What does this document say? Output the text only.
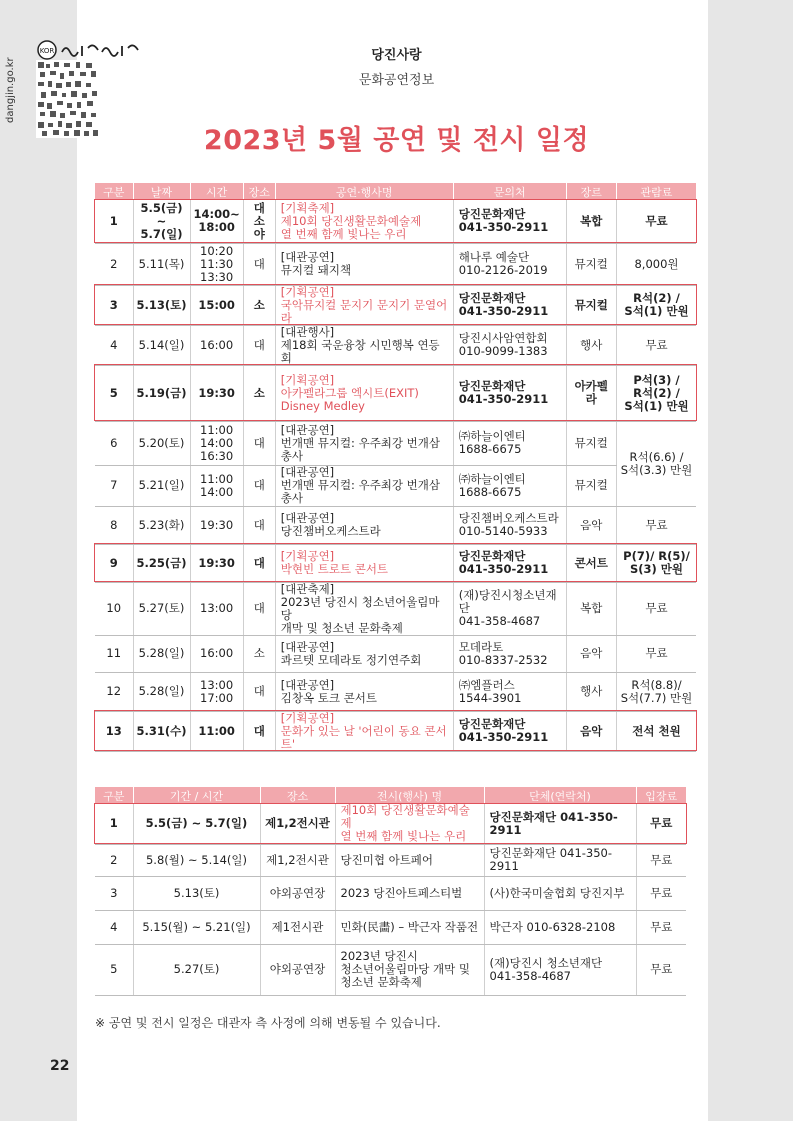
dangjin.go.kr
KOR	당진사랑
문화공연정보
2023년 5월 공연 및 전시 일정
구분	날짜	시간	장소	공연·행사명	문의처	장르	관람료
1	5.5(금)
~
5.7(일)	14:00~
18:00	대
소
야	[기획축제]
제10회 당진생활문화예술제
열 번째 함께 빛나는 우리	당진문화재단
041-350-2911	복합	무료
2	5.11(목)	10:20
11:30
13:30	대	[대관공연]
뮤지컬 돼지책	해나루 예술단
010-2126-2019	뮤지컬	8,000원
3	5.13(토)	15:00	소	[기획공연]
국악뮤지컬 문지기 문지기 문열어라	당진문화재단
041-350-2911	뮤지컬	R석(2) /
S석(1) 만원
4	5.14(일)	16:00	대	[대관행사]
제18회 국운융창 시민행복 연등회	당진시사암연합회
010-9099-1383	행사	무료
5	5.19(금)	19:30	소	[기획공연]
아카펠라그룹 엑시트(EXIT)
Disney Medley	당진문화재단
041-350-2911	아카펠라	P석(3) /
R석(2) /
S석(1) 만원
6	5.20(토)	11:00
14:00
16:30	대	[대관공연]
번개맨 뮤지컬: 우주최강 번개삼총사	㈜하늘이엔티
1688-6675	뮤지컬	R석(6.6) /
S석(3.3) 만원
7	5.21(일)	11:00
14:00	대	[대관공연]
번개맨 뮤지컬: 우주최강 번개삼총사	㈜하늘이엔티
1688-6675	뮤지컬	
8	5.23(화)	19:30	대	[대관공연]
당진챔버오케스트라	당진챔버오케스트라
010-5140-5933	음악	무료
9	5.25(금)	19:30	대	[기획공연]
박현빈 트로트 콘서트	당진문화재단
041-350-2911	콘서트	P(7)/ R(5)/
S(3) 만원
10	5.27(토)	13:00	대	[대관축제]
2023년 당진시 청소년어울림마당
개막 및 청소년 문화축제	(재)당진시청소년재단
041-358-4687	복합	무료
11	5.28(일)	16:00	소	[대관공연]
콰르텟 모데라토 정기연주회	모데라토
010-8337-2532	음악	무료
12	5.28(일)	13:00
17:00	대	[대관공연]
김창옥 토크 콘서트	㈜엠플러스
1544-3901	행사	R석(8.8)/
S석(7.7) 만원
13	5.31(수)	11:00	대	[기획공연]
문화가 있는 날 '어린이 동요 콘서트'	당진문화재단
041-350-2911	음악	전석 천원
구분	기간 / 시간	장소	전시(행사) 명	단체(연락처)	입장료
1	5.5(금) ~ 5.7(일)	제1,2전시관	제10회 당진생활문화예술제
열 번째 함께 빛나는 우리	당진문화재단 041-350-2911	무료
2	5.8(월) ~ 5.14(일)	제1,2전시관	당진미협 아트페어	당진문화재단 041-350-2911	무료
3	5.13(토)	야외공연장	2023 당진아트페스티벌	(사)한국미술협회 당진지부	무료
4	5.15(월) ~ 5.21(일)	제1전시관	민화(民畵) – 박근자 작품전	박근자 010-6328-2108	무료
5	5.27(토)	야외공연장	2023년 당진시
청소년어울림마당 개막 및
청소년 문화축제	(재)당진시 청소년재단
041-358-4687	무료
※ 공연 및 전시 일정은 대관자 측 사정에 의해 변동될 수 있습니다.
22
